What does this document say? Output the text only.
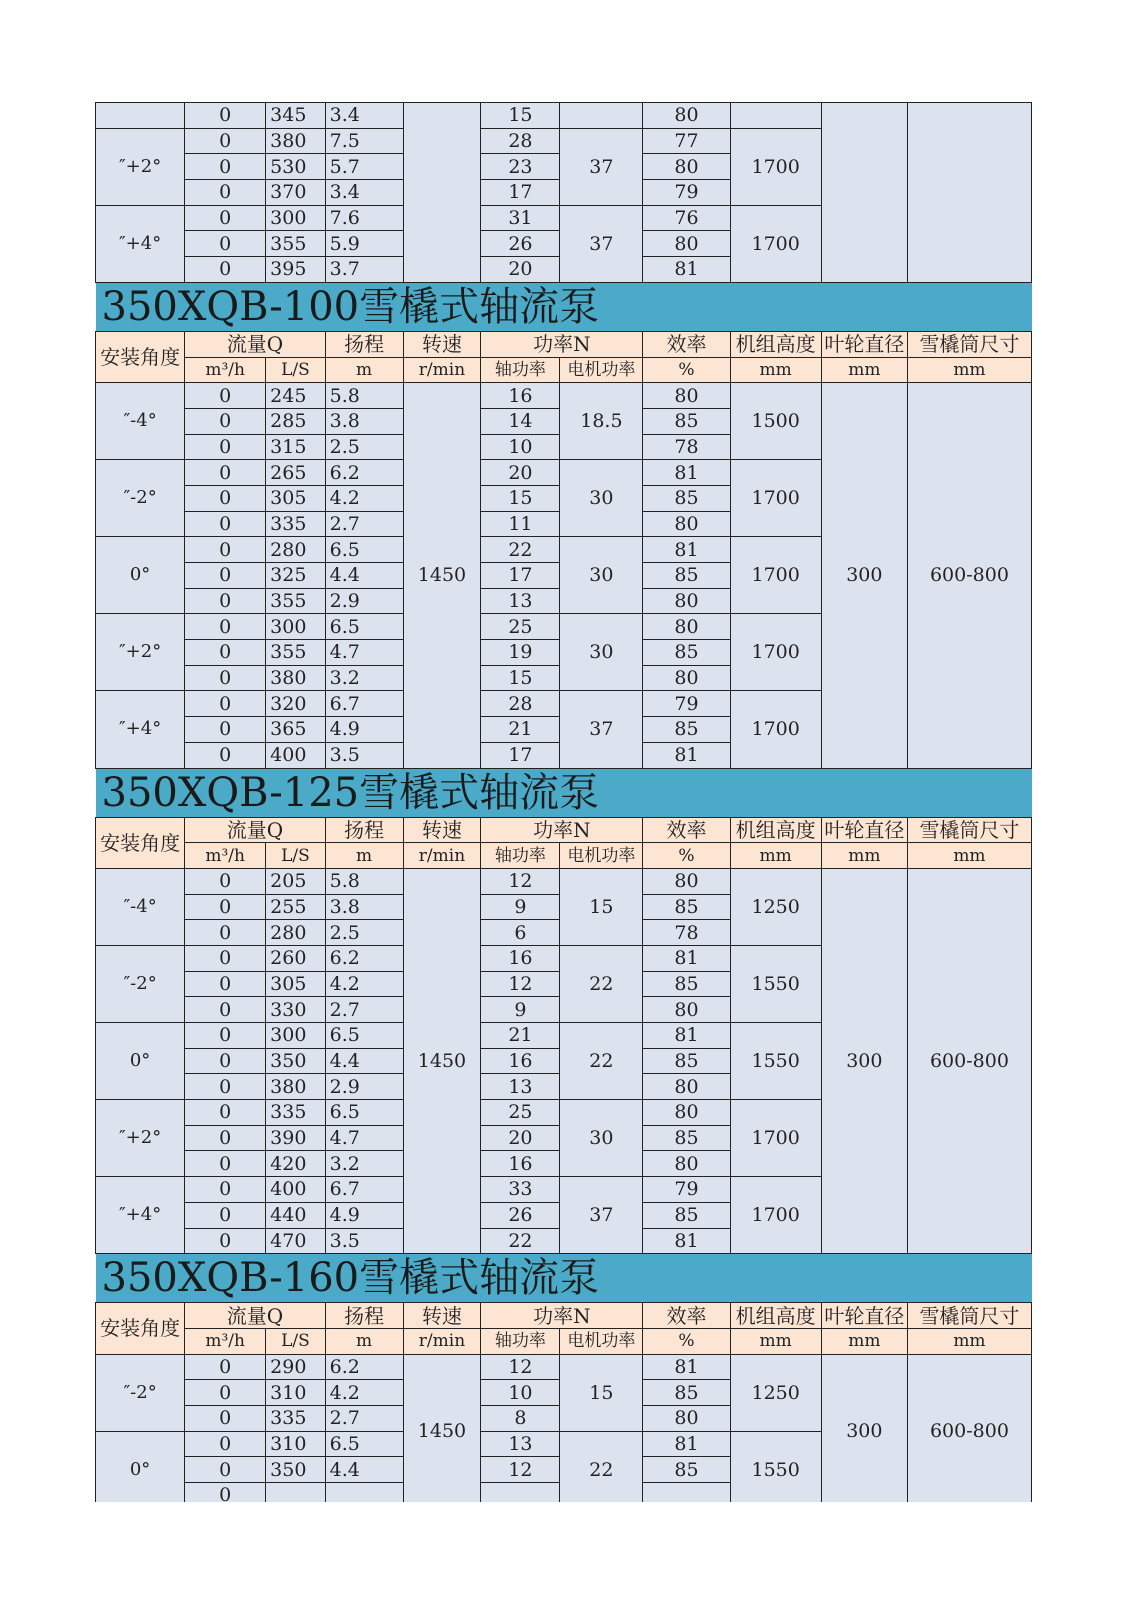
	0	345	3.4		15		80			
″+2°	0	380	7.5		28	37	77	1700		
	0	530	5.7		23		80			
	0	370	3.4		17		79			
″+4°	0	300	7.6		31	37	76	1700		
	0	355	5.9		26		80			
	0	395	3.7		20		81			
350XQB-100雪橇式轴流泵										
安装角度	流量Q		扬程	转速	功率N		效率	机组高度	叶轮直径	雪橇筒尺寸
	m³/h	L/S	m	r/min	轴功率	电机功率	%	mm	mm	mm
″-4°	0	245	5.8	1450	16	18.5	80	1500	300	600-800
	0	285	3.8		14		85			
	0	315	2.5		10		78			
″-2°	0	265	6.2		20	30	81	1700		
	0	305	4.2		15		85			
	0	335	2.7		11		80			
0°	0	280	6.5		22	30	81	1700		
	0	325	4.4		17		85			
	0	355	2.9		13		80			
″+2°	0	300	6.5		25	30	80	1700		
	0	355	4.7		19		85			
	0	380	3.2		15		80			
″+4°	0	320	6.7		28	37	79	1700		
	0	365	4.9		21		85			
	0	400	3.5		17		81			
350XQB-125雪橇式轴流泵										
安装角度	流量Q		扬程	转速	功率N		效率	机组高度	叶轮直径	雪橇筒尺寸
	m³/h	L/S	m	r/min	轴功率	电机功率	%	mm	mm	mm
″-4°	0	205	5.8	1450	12	15	80	1250	300	600-800
	0	255	3.8		9		85			
	0	280	2.5		6		78			
″-2°	0	260	6.2		16	22	81	1550		
	0	305	4.2		12		85			
	0	330	2.7		9		80			
0°	0	300	6.5		21	22	81	1550		
	0	350	4.4		16		85			
	0	380	2.9		13		80			
″+2°	0	335	6.5		25	30	80	1700		
	0	390	4.7		20		85			
	0	420	3.2		16		80			
″+4°	0	400	6.7		33	37	79	1700		
	0	440	4.9		26		85			
	0	470	3.5		22		81			
350XQB-160雪橇式轴流泵										
安装角度	流量Q		扬程	转速	功率N		效率	机组高度	叶轮直径	雪橇筒尺寸
	m³/h	L/S	m	r/min	轴功率	电机功率	%	mm	mm	mm
″-2°	0	290	6.2	1450	12	15	81	1250	300	600-800
	0	310	4.2		10		85			
	0	335	2.7		8		80			
0°	0	310	6.5		13	22	81	1550		
	0	350	4.4		12		85			
	0									
